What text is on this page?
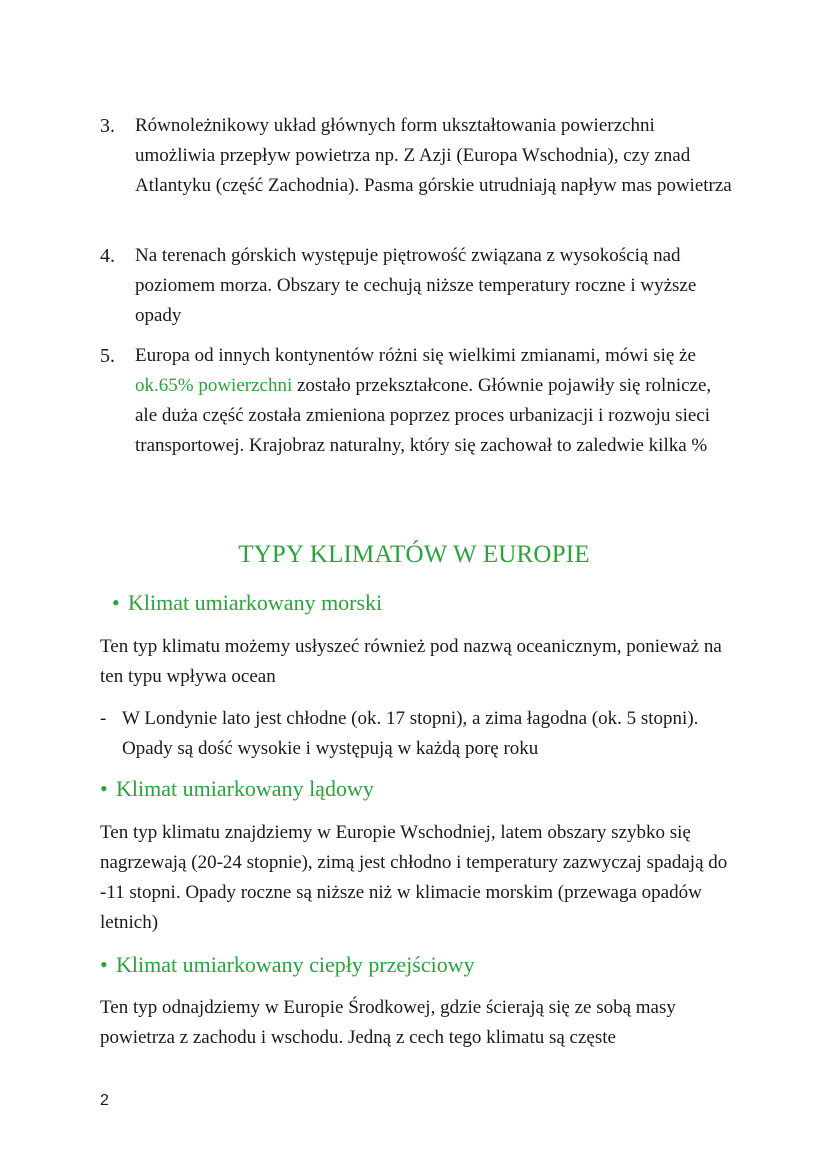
3.	Równoleżnikowy układ głównych form ukształtowania powierzchni umożliwia przepływ powietrza np. Z Azji (Europa Wschodnia), czy znad Atlantyku (część Zachodnia). Pasma górskie utrudniają napływ mas powietrza
4.	Na terenach górskich występuje piętrowość związana z wysokością nad poziomem morza. Obszary te cechują niższe temperatury roczne i wyższe opady
5.	Europa od innych kontynentów różni się wielkimi zmianami, mówi się że ok.65% powierzchni zostało przekształcone. Głównie pojawiły się rolnicze, ale duża część została zmieniona poprzez proces urbanizacji i rozwoju sieci transportowej. Krajobraz naturalny, który się zachował to zaledwie kilka %
TYPY KLIMATÓW W EUROPIE
• Klimat umiarkowany morski
Ten typ klimatu możemy usłyszeć również pod nazwą oceanicznym, ponieważ na ten typu wpływa ocean
- W Londynie lato jest chłodne (ok. 17 stopni), a zima łagodna (ok. 5 stopni). Opady są dość wysokie i występują w każdą porę roku
• Klimat umiarkowany lądowy
Ten typ klimatu znajdziemy w Europie Wschodniej, latem obszary szybko się nagrzewają (20-24 stopnie), zimą jest chłodno i temperatury zazwyczaj spadają do -11 stopni. Opady roczne są niższe niż w klimacie morskim (przewaga opadów letnich)
• Klimat umiarkowany ciepły przejściowy
Ten typ odnajdziemy w Europie Środkowej, gdzie ścierają się ze sobą masy powietrza z zachodu i wschodu. Jedną z cech tego klimatu są częste
2
